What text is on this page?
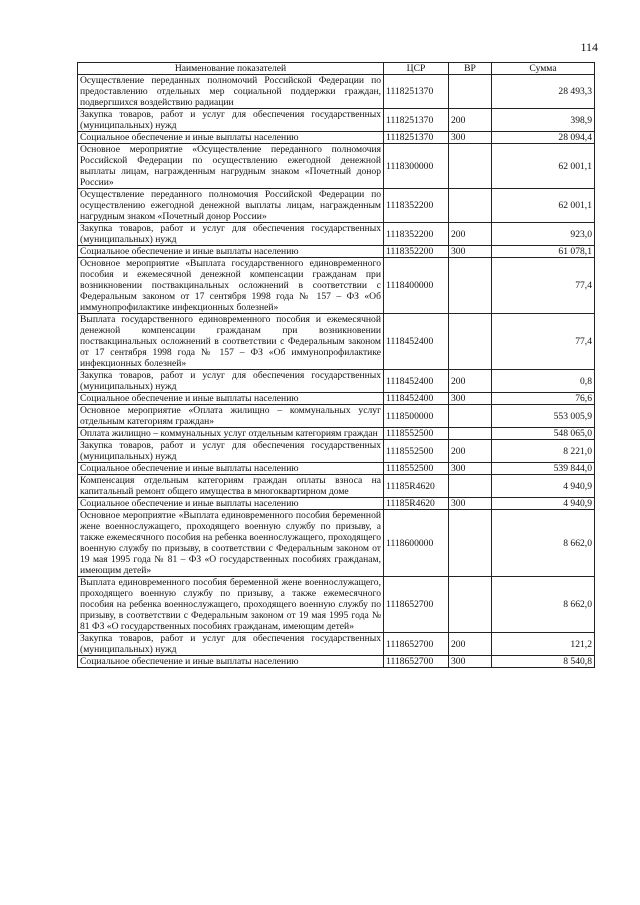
114
Наименование показателей	ЦСР	ВР	Сумма
Осуществление переданных полномочий Российской Федерации по предоставлению отдельных мер социальной поддержки граждан, подвергшихся воздействию радиации	1118251370		28 493,3
Закупка товаров, работ и услуг для обеспечения государственных (муниципальных) нужд	1118251370	200	398,9
Социальное обеспечение и иные выплаты населению	1118251370	300	28 094,4
Основное мероприятие «Осуществление переданного полномочия Российской Федерации по осуществлению ежегодной денежной выплаты лицам, награжденным нагрудным знаком «Почетный донор России»	1118300000		62 001,1
Осуществление переданного полномочия Российской Федерации по осуществлению ежегодной денежной выплаты лицам, награжденным нагрудным знаком «Почетный донор России»	1118352200		62 001,1
Закупка товаров, работ и услуг для обеспечения государственных (муниципальных) нужд	1118352200	200	923,0
Социальное обеспечение и иные выплаты населению	1118352200	300	61 078,1
Основное мероприятие «Выплата государственного единовременного пособия и ежемесячной денежной компенсации гражданам при возникновении поствакцинальных осложнений в соответствии с Федеральным законом от 17 сентября 1998 года № 157 – ФЗ «Об иммунопрофилактике инфекционных болезней»	1118400000		77,4
Выплата государственного единовременного пособия и ежемесячной денежной компенсации гражданам при возникновении поствакцинальных осложнений в соответствии с Федеральным законом от 17 сентября 1998 года № 157 – ФЗ «Об иммунопрофилактике инфекционных болезней»	1118452400		77,4
Закупка товаров, работ и услуг для обеспечения государственных (муниципальных) нужд	1118452400	200	0,8
Социальное обеспечение и иные выплаты населению	1118452400	300	76,6
Основное мероприятие «Оплата жилищно – коммунальных услуг отдельным категориям граждан»	1118500000		553 005,9
Оплата жилищно – коммунальных услуг отдельным категориям граждан	1118552500		548 065,0
Закупка товаров, работ и услуг для обеспечения государственных (муниципальных) нужд	1118552500	200	8 221,0
Социальное обеспечение и иные выплаты населению	1118552500	300	539 844,0
Компенсация отдельным категориям граждан оплаты взноса на капитальный ремонт общего имущества в многоквартирном доме	11185R4620		4 940,9
Социальное обеспечение и иные выплаты населению	11185R4620	300	4 940,9
Основное мероприятие «Выплата единовременного пособия беременной жене военнослужащего, проходящего военную службу по призыву, а также ежемесячного пособия на ребенка военнослужащего, проходящего военную службу по призыву, в соответствии с Федеральным законом от 19 мая 1995 года № 81 – ФЗ «О государственных пособиях гражданам, имеющим детей»	1118600000		8 662,0
Выплата единовременного пособия беременной жене военнослужащего, проходящего военную службу по призыву, а также ежемесячного пособия на ребенка военнослужащего, проходящего военную службу по призыву, в соответствии с Федеральным законом от 19 мая 1995 года № 81 ФЗ «О государственных пособиях гражданам, имеющим детей»	1118652700		8 662,0
Закупка товаров, работ и услуг для обеспечения государственных (муниципальных) нужд	1118652700	200	121,2
Социальное обеспечение и иные выплаты населению	1118652700	300	8 540,8
